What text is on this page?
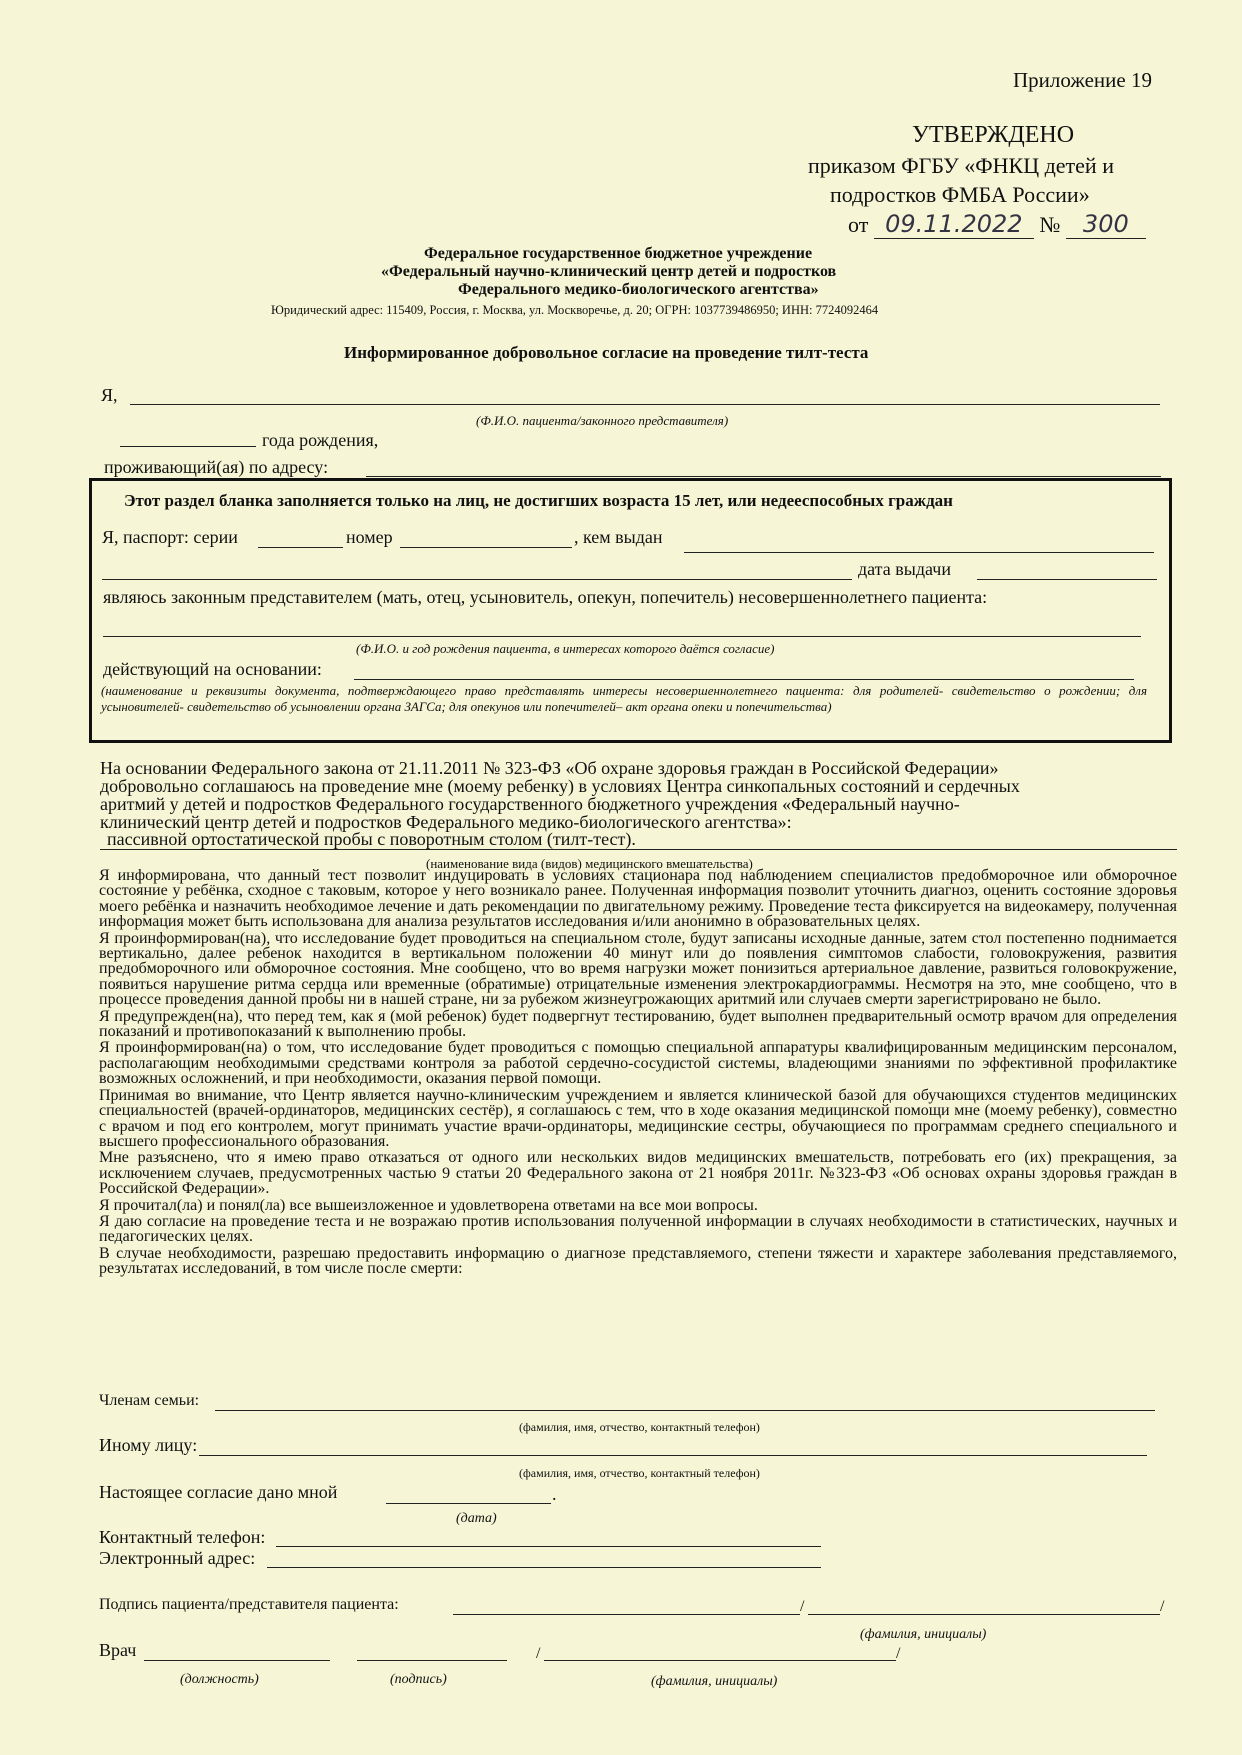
Приложение 19
УТВЕРЖДЕНО
приказом ФГБУ «ФНКЦ детей и
подростков ФМБА России»
от 09.11.2022 № 300
Федеральное государственное бюджетное учреждение
«Федеральный научно-клинический центр детей и подростков
Федерального медико-биологического агентства»
Юридический адрес: 115409, Россия, г. Москва, ул. Москворечье, д. 20; ОГРН: 1037739486950; ИНН: 7724092464
Информированное добровольное согласие на проведение тилт-теста
Я,
(Ф.И.О. пациента/законного представителя)
года рождения,
проживающий(ая) по адресу:
Этот раздел бланка заполняется только на лиц, не достигших возраста 15 лет, или недееспособных граждан
Я, паспорт: серии	номер	, кем выдан
дата выдачи
являюсь законным представителем (мать, отец, усыновитель, опекун, попечитель) несовершеннолетнего пациента:
(Ф.И.О. и год рождения пациента, в интересах которого даётся согласие)
действующий на основании:
(наименование и реквизиты документа, подтверждающего право представлять интересы несовершеннолетнего пациента: для родителей- свидетельство о рождении; для усыновителей- свидетельство об усыновлении органа ЗАГСа; для опекунов или попечителей– акт органа опеки и попечительства)
На основании Федерального закона от 21.11.2011 № 323-ФЗ «Об охране здоровья граждан в Российской Федерации»
добровольно соглашаюсь на проведение мне (моему ребенку) в условиях Центра синкопальных состояний и сердечных
аритмий у детей и подростков Федерального государственного бюджетного учреждения «Федеральный научно-
клинический центр детей и подростков Федерального медико-биологического агентства»:
пассивной ортостатической пробы с поворотным столом (тилт-тест).
(наименование вида (видов) медицинского вмешательства)

Я информирована, что данный тест позволит индуцировать в условиях стационара под наблюдением специалистов предобморочное или обморочное состояние у ребёнка, сходное с таковым, которое у него возникало ранее. Полученная информация позволит уточнить диагноз, оценить состояние здоровья моего ребёнка и назначить необходимое лечение и дать рекомендации по двигательному режиму. Проведение теста фиксируется на видеокамеру, полученная информация может быть использована для анализа результатов исследования и/или анонимно в образовательных целях.

Я проинформирован(на), что исследование будет проводиться на специальном столе, будут записаны исходные данные, затем стол постепенно поднимается вертикально, далее ребенок находится в вертикальном положении 40 минут или до появления симптомов слабости, головокружения, развития предобморочного или обморочное состояния. Мне сообщено, что во время нагрузки может понизиться артериальное давление, развиться головокружение, появиться нарушение ритма сердца или временные (обратимые) отрицательные изменения электрокардиограммы. Несмотря на это, мне сообщено, что в процессе проведения данной пробы ни в нашей стране, ни за рубежом жизнеугрожающих аритмий или случаев смерти зарегистрировано не было.

Я предупрежден(на), что перед тем, как я (мой ребенок) будет подвергнут тестированию, будет выполнен предварительный осмотр врачом для определения показаний и противопоказаний к выполнению пробы.

Я проинформирован(на) о том, что исследование будет проводиться с помощью специальной аппаратуры квалифицированным медицинским персоналом, располагающим необходимыми средствами контроля за работой сердечно-сосудистой системы, владеющими знаниями по эффективной профилактике возможных осложнений, и при необходимости, оказания первой помощи.

Принимая во внимание, что Центр является научно-клиническим учреждением и является клинической базой для обучающихся студентов медицинских специальностей (врачей-ординаторов, медицинских сестёр), я соглашаюсь с тем, что в ходе оказания медицинской помощи мне (моему ребенку), совместно с врачом и под его контролем, могут принимать участие врачи-ординаторы, медицинские сестры, обучающиеся по программам среднего специального и высшего профессионального образования.

Мне разъяснено, что я имею право отказаться от одного или нескольких видов медицинских вмешательств, потребовать его (их) прекращения, за исключением случаев, предусмотренных частью 9 статьи 20 Федерального закона от 21 ноября 2011г. №323-ФЗ «Об основах охраны здоровья граждан в Российской Федерации».

Я прочитал(ла) и понял(ла) все вышеизложенное и удовлетворена ответами на все мои вопросы.

Я даю согласие на проведение теста и не возражаю против использования полученной информации в случаях необходимости в статистических, научных и педагогических целях.

В случае необходимости, разрешаю предоставить информацию о диагнозе представляемого, степени тяжести и характере заболевания представляемого, результатах исследований, в том числе после смерти:

Членам семьи:
(фамилия, имя, отчество, контактный телефон)
Иному лицу:
(фамилия, имя, отчество, контактный телефон)
Настоящее согласие дано мной	.
(дата)
Контактный телефон:
Электронный адрес:
Подпись пациента/представителя пациента:	/	/
(фамилия, инициалы)
Врач	/	/
(должность)	(подпись)	(фамилия, инициалы)
